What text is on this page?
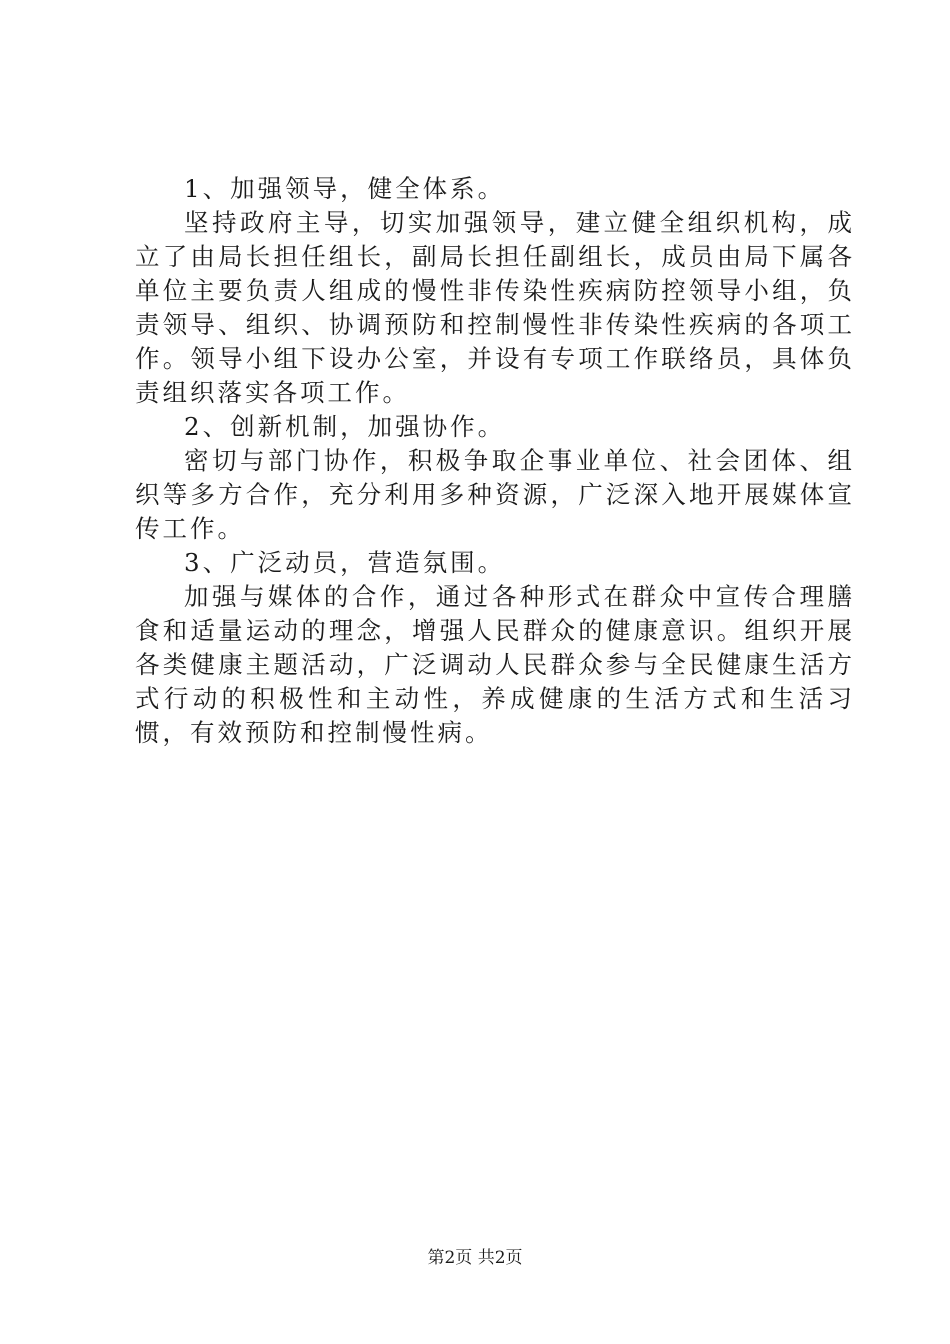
1、加强领导，健全体系。

坚持政府主导，切实加强领导，建立健全组织机构，成立了由局长担任组长，副局长担任副组长，成员由局下属各单位主要负责人组成的慢性非传染性疾病防控领导小组，负责领导、组织、协调预防和控制慢性非传染性疾病的各项工作。领导小组下设办公室，并设有专项工作联络员，具体负责组织落实各项工作。

2、创新机制，加强协作。

密切与部门协作，积极争取企事业单位、社会团体、组织等多方合作，充分利用多种资源，广泛深入地开展媒体宣传工作。

3、广泛动员，营造氛围。

加强与媒体的合作，通过各种形式在群众中宣传合理膳食和适量运动的理念，增强人民群众的健康意识。组织开展各类健康主题活动，广泛调动人民群众参与全民健康生活方式行动的积极性和主动性，养成健康的生活方式和生活习惯，有效预防和控制慢性病。

第2页 共2页
